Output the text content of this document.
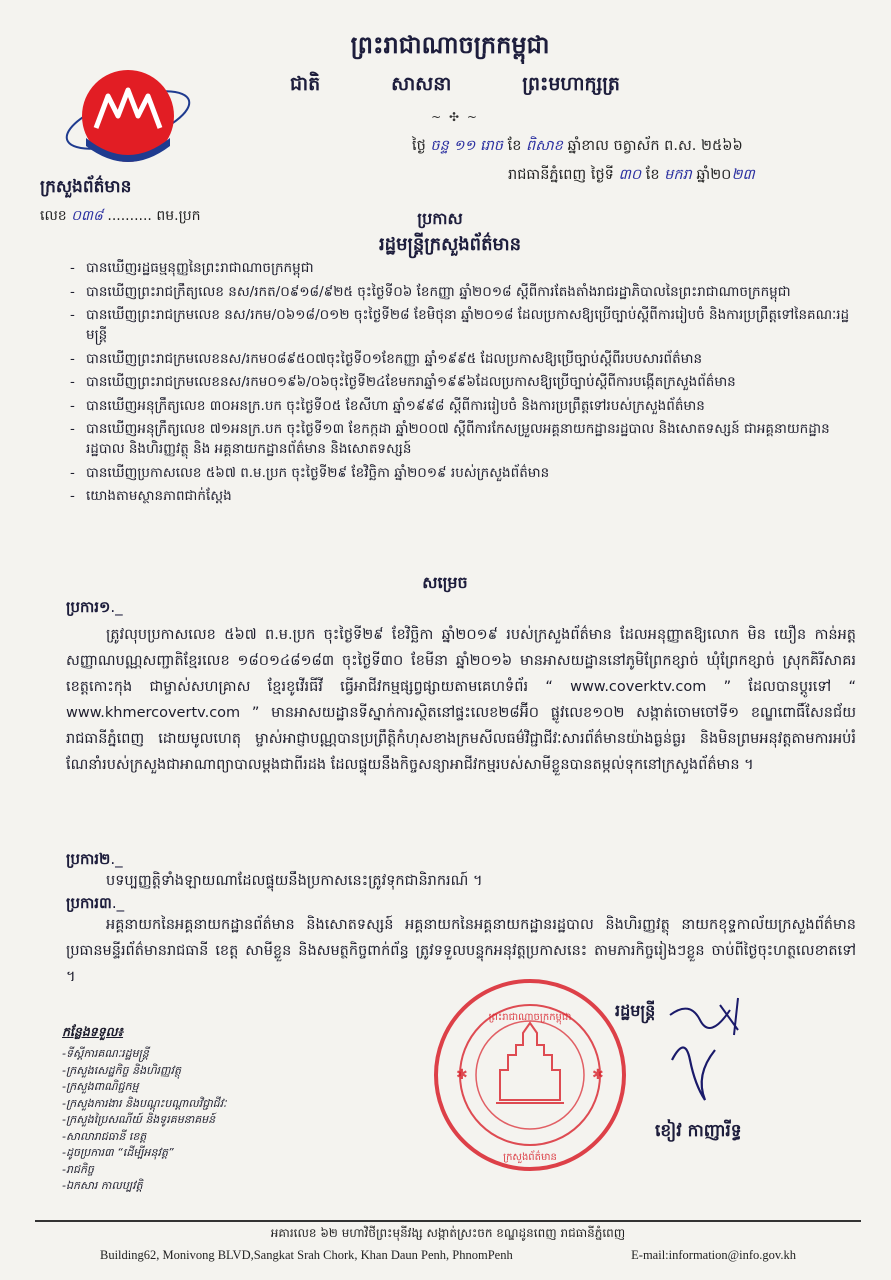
ក្រសួងព័ត៌មាន
លេខ ០៣៨ .......... ពម.ប្រក
ព្រះរាជាណាចក្រកម្ពុជា
ជាតិ	សាសនា	ព្រះមហាក្សត្រ
~ ✣ ~
ថ្ងៃ ចន្ទ ១១ រោច ខែ ពិសាខ ឆ្នាំខាល ចត្វាស័ក ព.ស. ២៥៦៦
រាជធានីភ្នំពេញ ថ្ងៃទី ៣០ ខែ មករា ឆ្នាំ២០២៣
ប្រកាស
រដ្ឋមន្ត្រីក្រសួងព័ត៌មាន
- បានឃើញរដ្ឋធម្មនុញ្ញនៃព្រះរាជាណាចក្រកម្ពុជា
- បានឃើញព្រះរាជក្រឹត្យលេខ នស/រកត/០៩១៨/៩២៥ ចុះថ្ងៃទី០៦ ខែកញ្ញា ឆ្នាំ២០១៨ ស្ដីពីការតែងតាំងរាជរដ្ឋាភិបាលនៃព្រះរាជាណាចក្រកម្ពុជា
- បានឃើញព្រះរាជក្រមលេខ នស/រកម/០៦១៨/០១២ ចុះថ្ងៃទី២៨ ខែមិថុនា ឆ្នាំ២០១៨ ដែលប្រកាសឱ្យប្រើច្បាប់ស្ដីពីការរៀបចំ និងការប្រព្រឹត្តទៅនៃគណៈរដ្ឋមន្ត្រី
- បានឃើញព្រះរាជក្រមលេខនស/រកម០៨៩៥០៧ចុះថ្ងៃទី០១ខែកញ្ញា ឆ្នាំ១៩៩៥ ដែលប្រកាសឱ្យប្រើច្បាប់ស្ដីពីរបបសារព័ត៌មាន
- បានឃើញព្រះរាជក្រមលេខនស/រកម០១៩៦/០៦ចុះថ្ងៃទី២៤ខែមករាឆ្នាំ១៩៩៦ដែលប្រកាសឱ្យប្រើច្បាប់ស្ដីពីការបង្កើតក្រសួងព័ត៌មាន
- បានឃើញអនុក្រឹត្យលេខ ៣០អនក្រ.បក ចុះថ្ងៃទី០៥ ខែសីហា ឆ្នាំ១៩៩៨ ស្ដីពីការរៀបចំ និងការប្រព្រឹត្តទៅរបស់ក្រសួងព័ត៌មាន
- បានឃើញអនុក្រឹត្យលេខ ៧១អនក្រ.បក ចុះថ្ងៃទី១៣ ខែកក្កដា ឆ្នាំ២០០៧ ស្ដីពីការកែសម្រួលអគ្គនាយកដ្ឋានរដ្ឋបាល និងសោតទស្សន៍ ជាអគ្គនាយកដ្ឋានរដ្ឋបាល និងហិរញ្ញវត្ថុ និង អគ្គនាយកដ្ឋានព័ត៌មាន និងសោតទស្សន៍
- បានឃើញប្រកាសលេខ ៥៦៧ ព.ម.ប្រក ចុះថ្ងៃទី២៩ ខែវិច្ឆិកា ឆ្នាំ២០១៩ របស់ក្រសួងព័ត៌មាន
- យោងតាមស្ថានភាពជាក់ស្ដែង
សម្រេច
ប្រការ១ ._
ត្រូវលុបប្រកាសលេខ ៥៦៧ ព.ម.ប្រក ចុះថ្ងៃទី២៩ ខែវិច្ឆិកា ឆ្នាំ២០១៩ របស់ក្រសួងព័ត៌មាន ដែលអនុញ្ញាតឱ្យលោក មិន យឿន កាន់អត្តសញ្ញាណបណ្ណសញ្ជាតិខ្មែរលេខ ១៨០១៤៨១៨៣ ចុះថ្ងៃទី៣០ ខែមីនា ឆ្នាំ២០១៦ មានអាសយដ្ឋាននៅភូមិព្រែកខ្សាច់ ឃុំព្រែកខ្សាច់ ស្រុកគិរីសាគរ ខេត្តកោះកុង ជាម្ចាស់សហគ្រាស ខ្មែរខូវើរធីវី ធ្វើអាជីវកម្មផ្សព្វផ្សាយតាមគេហទំព័រ “ www.coverktv.com ” ដែលបានប្ដូរទៅ “ www.khmercovertv.com ” មានអាសយដ្ឋានទីស្នាក់ការស្ថិតនៅផ្ទះលេខ២៨អ៊ី០ ផ្លូវលេខ១០២ សង្កាត់ចោមចៅទី១ ខណ្ឌពោធិ៍សែនជ័យ រាជធានីភ្នំពេញ ដោយមូលហេតុ ម្ចាស់អាជ្ញាបណ្ណបានប្រព្រឹត្តិកំហុសខាងក្រមសីលធម៌វិជ្ជាជីវៈសារព័ត៌មានយ៉ាងធ្ងន់ធ្ងរ និងមិនព្រមអនុវត្តតាមការអប់រំណែនាំរបស់ក្រសួងជាអាណាព្យាបាលម្ដងជាពីរដង ដែលផ្ទុយនឹងកិច្ចសន្យាអាជីវកម្មរបស់សាមីខ្លួនបានតម្កល់ទុកនៅក្រសួងព័ត៌មាន ។
ប្រការ២ ._
បទប្បញ្ញត្តិទាំងឡាយណាដែលផ្ទុយនឹងប្រកាសនេះត្រូវទុកជានិរាករណ៍ ។
ប្រការ៣ ._
អគ្គនាយកនៃអគ្គនាយកដ្ឋានព័ត៌មាន និងសោតទស្សន៍ អគ្គនាយកនៃអគ្គនាយកដ្ឋានរដ្ឋបាល និងហិរញ្ញវត្ថុ នាយកខុទ្ទកាល័យក្រសួងព័ត៌មាន ប្រធានមន្ទីរព័ត៌មានរាជធានី ខេត្ត សាមីខ្លួន និងសមត្ថកិច្ចពាក់ព័ន្ធ ត្រូវទទួលបន្ទុកអនុវត្តប្រកាសនេះ តាមភារកិច្ចរៀងៗខ្លួន ចាប់ពីថ្ងៃចុះហត្ថលេខាតទៅ ។
✱	✱
ព្រះរាជាណាចក្រកម្ពុជា
ក្រសួងព័ត៌មាន
រដ្ឋមន្ត្រី
ខៀវ កាញារីទ្ធ
កន្លែងទទួល៖
- ទីស្ដីការគណៈរដ្ឋមន្ត្រី
- ក្រសួងសេដ្ឋកិច្ច និងហិរញ្ញវត្ថុ
- ក្រសួងពាណិជ្ជកម្ម
- ក្រសួងការងារ និងបណ្ដុះបណ្ដាលវិជ្ជាជីវៈ
- ក្រសួងប្រៃសណីយ៍ និងទូរគមនាគមន៍
- សាលារាជធានី ខេត្ត
- ដូចប្រការ៣ “ដើម្បីអនុវត្ត”
- រាជកិច្ច
- ឯកសារ កាលប្បវត្តិ
អគារលេខ ៦២ មហាវិថីព្រះមុនីវង្ស សង្កាត់ស្រះចក ខណ្ឌដូនពេញ រាជធានីភ្នំពេញ
Building62, Monivong BLVD,Sangkat Srah Chork, Khan Daun Penh, PhnomPenh	E-mail:information@info.gov.kh
